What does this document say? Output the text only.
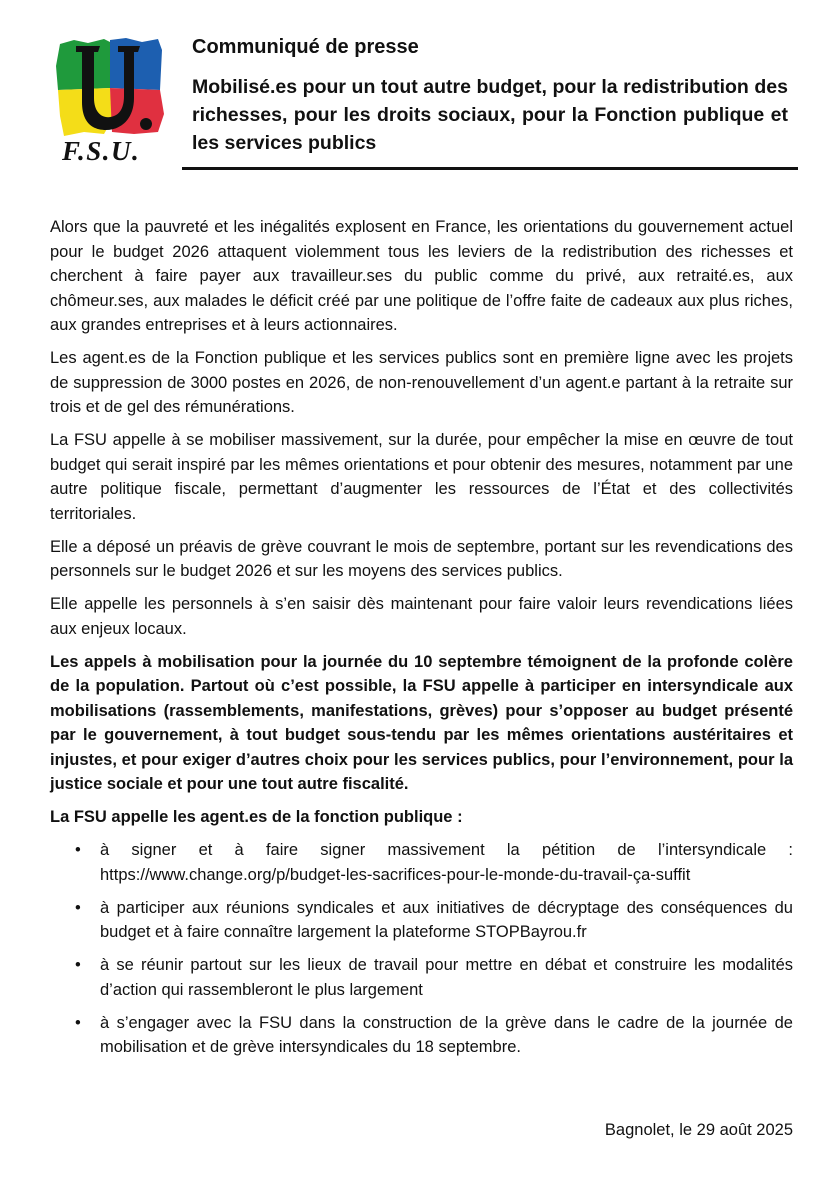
F.S.U.
Communiqué de presse
Mobilisé.es pour un tout autre budget, pour la redistribution des richesses, pour les droits sociaux, pour la Fonction publique et les services publics

Alors que la pauvreté et les inégalités explosent en France, les orientations du gouvernement actuel pour le budget 2026 attaquent violemment tous les leviers de la redistribution des richesses et cherchent à faire payer aux travailleur.ses du public comme du privé, aux retraité.es, aux chômeur.ses, aux malades le déficit créé par une politique de l’offre faite de cadeaux aux plus riches, aux grandes entreprises et à leurs actionnaires.

Les agent.es de la Fonction publique et les services publics sont en première ligne avec les projets de suppression de 3000 postes en 2026, de non-renouvellement d’un agent.e partant à la retraite sur trois et de gel des rémunérations.

La FSU appelle à se mobiliser massivement, sur la durée, pour empêcher la mise en œuvre de tout budget qui serait inspiré par les mêmes orientations et pour obtenir des mesures, notamment par une autre politique fiscale, permettant d’augmenter les ressources de l’État et des collectivités territoriales.

Elle a déposé un préavis de grève couvrant le mois de septembre, portant sur les revendications des personnels sur le budget 2026 et sur les moyens des services publics.

Elle appelle les personnels à s’en saisir dès maintenant pour faire valoir leurs revendications liées aux enjeux locaux.

Les appels à mobilisation pour la journée du 10 septembre témoignent de la profonde colère de la population. Partout où c’est possible, la FSU appelle à participer en intersyndicale aux mobilisations (rassemblements, manifestations, grèves) pour s’opposer au budget présenté par le gouvernement, à tout budget sous-tendu par les mêmes orientations austéritaires et injustes, et pour exiger d’autres choix pour les services publics, pour l’environnement, pour la justice sociale et pour une tout autre fiscalité.

La FSU appelle les agent.es de la fonction publique :

• à signer et à faire signer massivement la pétition de l’intersyndicale : https://www.change.org/p/budget-les-sacrifices-pour-le-monde-du-travail-ça-suffit
• à participer aux réunions syndicales et aux initiatives de décryptage des conséquences du budget et à faire connaître largement la plateforme STOPBayrou.fr
• à se réunir partout sur les lieux de travail pour mettre en débat et construire les modalités d’action qui rassembleront le plus largement
• à s’engager avec la FSU dans la construction de la grève dans le cadre de la journée de mobilisation et de grève intersyndicales du 18 septembre.
Bagnolet, le 29 août 2025
